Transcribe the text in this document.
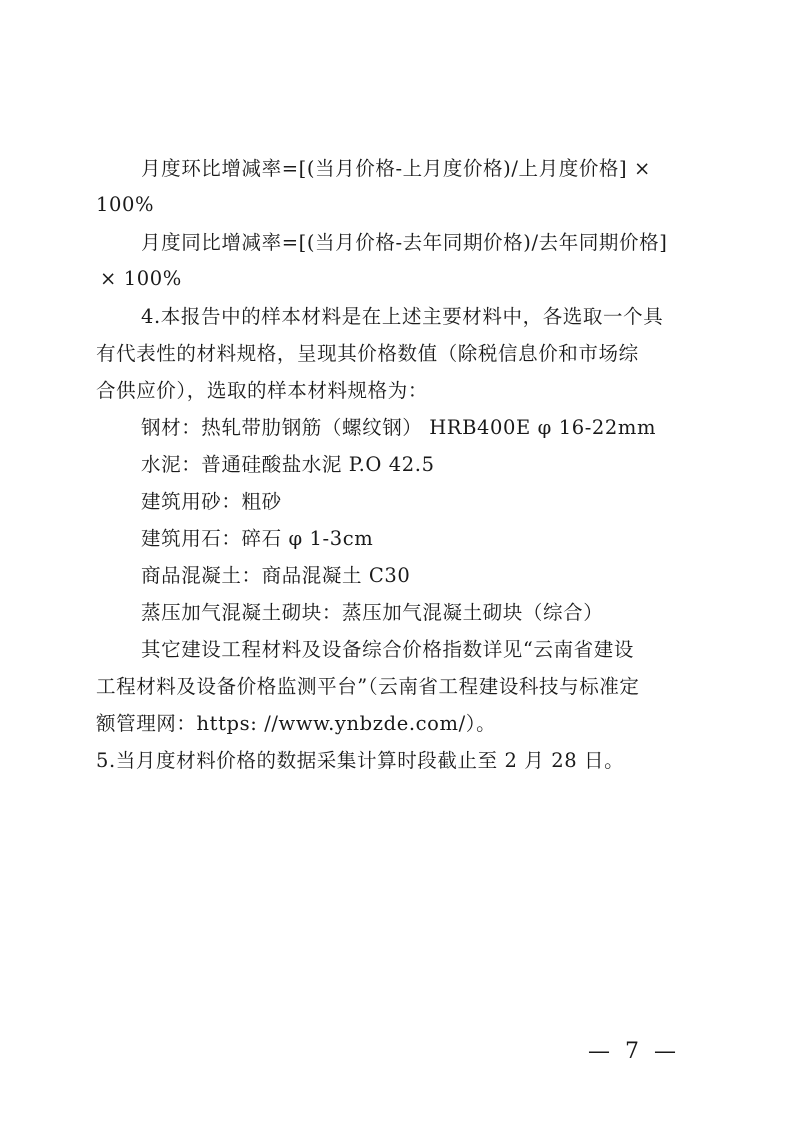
月度环比增减率=[(当月价格-上月度价格)/上月度价格] ×
100%
月度同比增减率=[(当月价格-去年同期价格)/去年同期价格]
× 100%
4.本报告中的样本材料是在上述主要材料中，各选取一个具
有代表性的材料规格，呈现其价格数值（除税信息价和市场综
合供应价），选取的样本材料规格为：
钢材：热轧带肋钢筋（螺纹钢） HRB400E φ 16-22mm
水泥：普通硅酸盐水泥 P.O 42.5
建筑用砂：粗砂
建筑用石：碎石 φ 1-3cm
商品混凝土：商品混凝土 C30
蒸压加气混凝土砌块：蒸压加气混凝土砌块（综合）
其它建设工程材料及设备综合价格指数详见“云南省建设
工程材料及设备价格监测平台”（云南省工程建设科技与标准定
额管理网：https: //www.ynbzde.com/）。
5.当月度材料价格的数据采集计算时段截止至 2 月 28 日。
— 7 —
